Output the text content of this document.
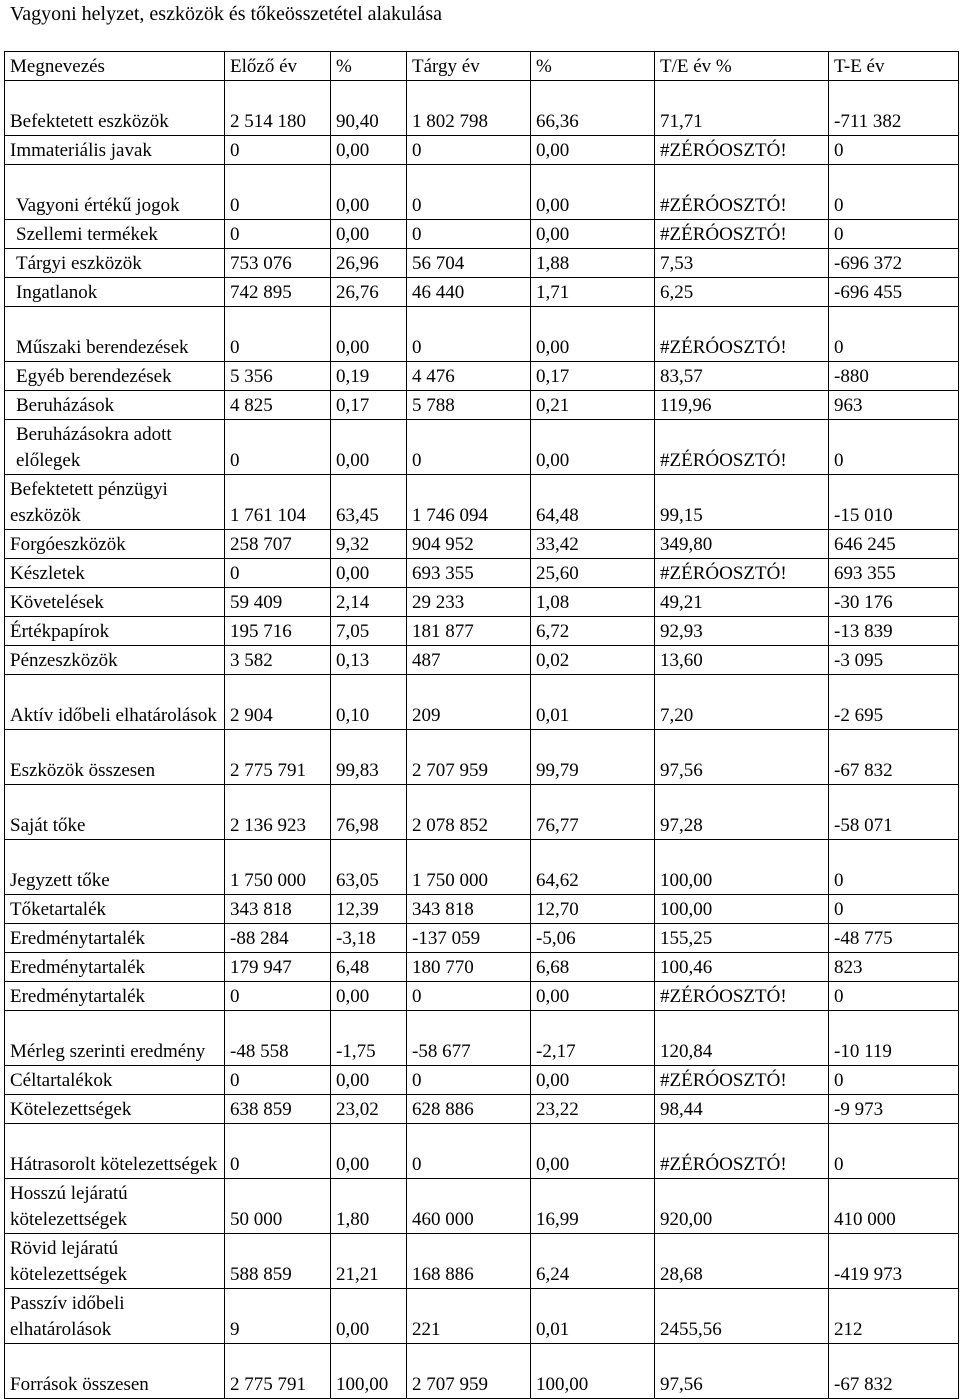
Vagyoni helyzet, eszközök és tőkeösszetétel alakulása
Megnevezés	Előző év	%	Tárgy év	%	T/E év %	T-E év
Befektetett eszközök	2 514 180	90,40	1 802 798	66,36	71,71	-711 382
Immateriális javak	0	0,00	0	0,00	#ZÉRÓOSZTÓ!	0
Vagyoni értékű jogok	0	0,00	0	0,00	#ZÉRÓOSZTÓ!	0
Szellemi termékek	0	0,00	0	0,00	#ZÉRÓOSZTÓ!	0
Tárgyi eszközök	753 076	26,96	56 704	1,88	7,53	-696 372
Ingatlanok	742 895	26,76	46 440	1,71	6,25	-696 455
Műszaki berendezések	0	0,00	0	0,00	#ZÉRÓOSZTÓ!	0
Egyéb berendezések	5 356	0,19	4 476	0,17	83,57	-880
Beruházások	4 825	0,17	5 788	0,21	119,96	963
Beruházásokra adott előlegek	0	0,00	0	0,00	#ZÉRÓOSZTÓ!	0
Befektetett pénzügyi eszközök	1 761 104	63,45	1 746 094	64,48	99,15	-15 010
Forgóeszközök	258 707	9,32	904 952	33,42	349,80	646 245
Készletek	0	0,00	693 355	25,60	#ZÉRÓOSZTÓ!	693 355
Követelések	59 409	2,14	29 233	1,08	49,21	-30 176
Értékpapírok	195 716	7,05	181 877	6,72	92,93	-13 839
Pénzeszközök	3 582	0,13	487	0,02	13,60	-3 095
Aktív időbeli elhatárolások	2 904	0,10	209	0,01	7,20	-2 695
Eszközök összesen	2 775 791	99,83	2 707 959	99,79	97,56	-67 832
Saját tőke	2 136 923	76,98	2 078 852	76,77	97,28	-58 071
Jegyzett tőke	1 750 000	63,05	1 750 000	64,62	100,00	0
Tőketartalék	343 818	12,39	343 818	12,70	100,00	0
Eredménytartalék	-88 284	-3,18	-137 059	-5,06	155,25	-48 775
Eredménytartalék	179 947	6,48	180 770	6,68	100,46	823
Eredménytartalék	0	0,00	0	0,00	#ZÉRÓOSZTÓ!	0
Mérleg szerinti eredmény	-48 558	-1,75	-58 677	-2,17	120,84	-10 119
Céltartalékok	0	0,00	0	0,00	#ZÉRÓOSZTÓ!	0
Kötelezettségek	638 859	23,02	628 886	23,22	98,44	-9 973
Hátrasorolt kötelezettségek	0	0,00	0	0,00	#ZÉRÓOSZTÓ!	0
Hosszú lejáratú kötelezettségek	50 000	1,80	460 000	16,99	920,00	410 000
Rövid lejáratú kötelezettségek	588 859	21,21	168 886	6,24	28,68	-419 973
Passzív időbeli elhatárolások	9	0,00	221	0,01	2455,56	212
Források összesen	2 775 791	100,00	2 707 959	100,00	97,56	-67 832
